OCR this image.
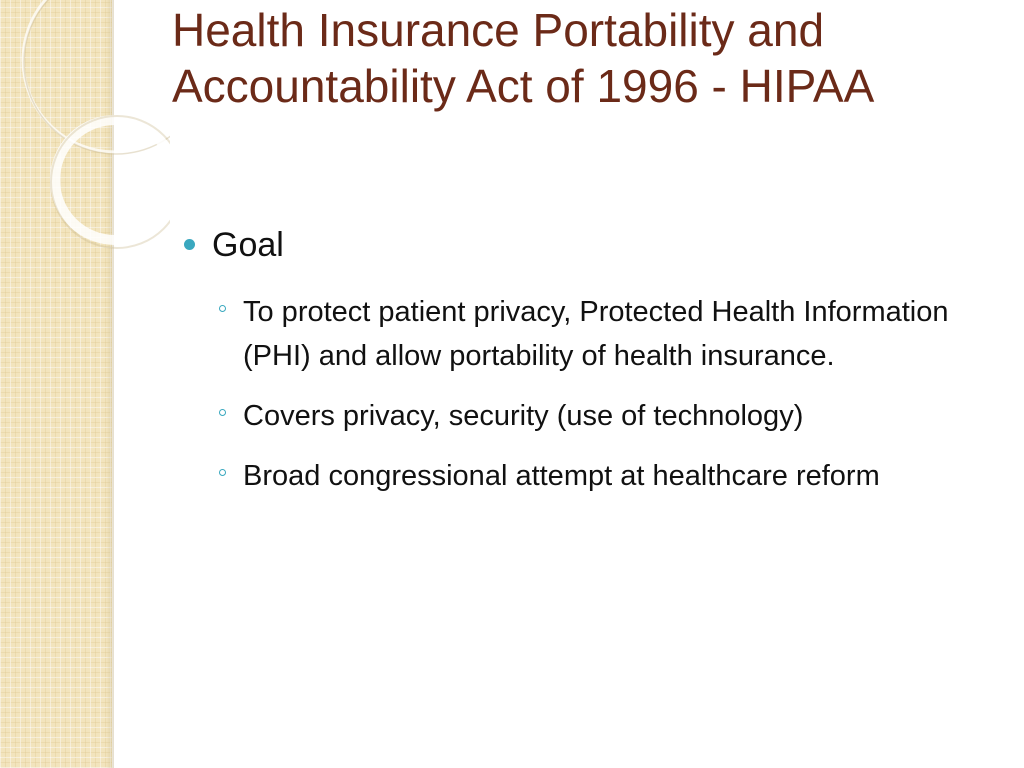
Health Insurance Portability and Accountability Act of 1996 - HIPAA
Goal
To protect patient privacy, Protected Health Information (PHI) and allow portability of health insurance.
Covers privacy, security (use of technology)
Broad congressional attempt at healthcare reform
